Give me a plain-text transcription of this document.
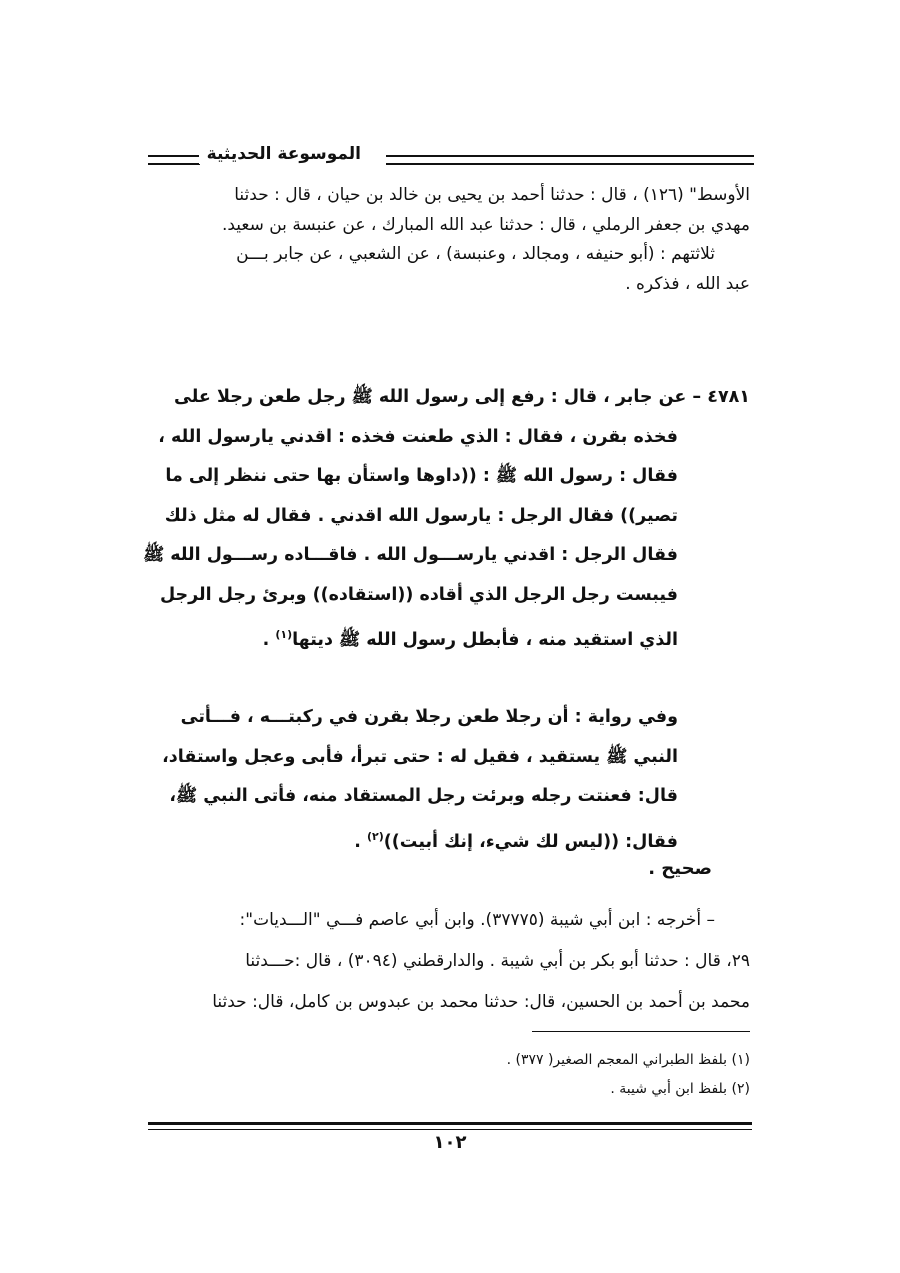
الموسوعة الحديثية
الأوسط" (١٢٦) ، قال : حدثنا أحمد بن يحيى بن خالد بن حيان ، قال : حدثنا
مهدي بن جعفر الرملي ، قال : حدثنا عبد الله المبارك ، عن عنبسة بن سعيد.
ثلاثتهم : (أبو حنيفه ، ومجالد ، وعنبسة) ، عن الشعبي ، عن جابر بـــن
عبد الله ، فذكره .
٤٧٨١ – عن جابر ، قال : رفع إلى رسول الله ﷺ رجل طعن رجلا على
فخذه بقرن ، فقال : الذي طعنت فخذه : اقدني يارسول الله ،
فقال : رسول الله ﷺ : ((داوها واستأن بها حتى ننظر إلى ما
تصير)) فقال الرجل : يارسول الله اقدني . فقال له مثل ذلك
فقال الرجل : اقدني يارســـول الله . فاقـــاده رســـول الله ﷺ
فيبست رجل الرجل الذي أقاده ((استقاده)) وبرئ رجل الرجل
الذي استقيد منه ، فأبطل رسول الله ﷺ ديتها$^{(١)}$ .
وفي رواية : أن رجلا طعن رجلا بقرن في ركبتـــه ، فـــأتى
النبي ﷺ يستقيد ، فقيل له : حتى تبرأ، فأبى وعجل واستقاد،
قال: فعنتت رجله وبرئت رجل المستقاد منه، فأتى النبي ﷺ،
فقال: ((ليس لك شيء، إنك أبيت))$^{(٢)}$ .
صحيح .
– أخرجه : ابن أبي شيبة (٣٧٧٧٥). وابن أبي عاصم فـــي "الـــديات":
٢٩، قال : حدثنا أبو بكر بن أبي شيبة . والدارقطني (٣٠٩٤) ، قال :حـــدثنا
محمد بن أحمد بن الحسين، قال: حدثنا محمد بن عبدوس بن كامل، قال: حدثنا
(١) بلفظ الطبراني المعجم الصغير( ٣٧٧) .
(٢) بلفظ ابن أبي شيبة .
١٠٢
